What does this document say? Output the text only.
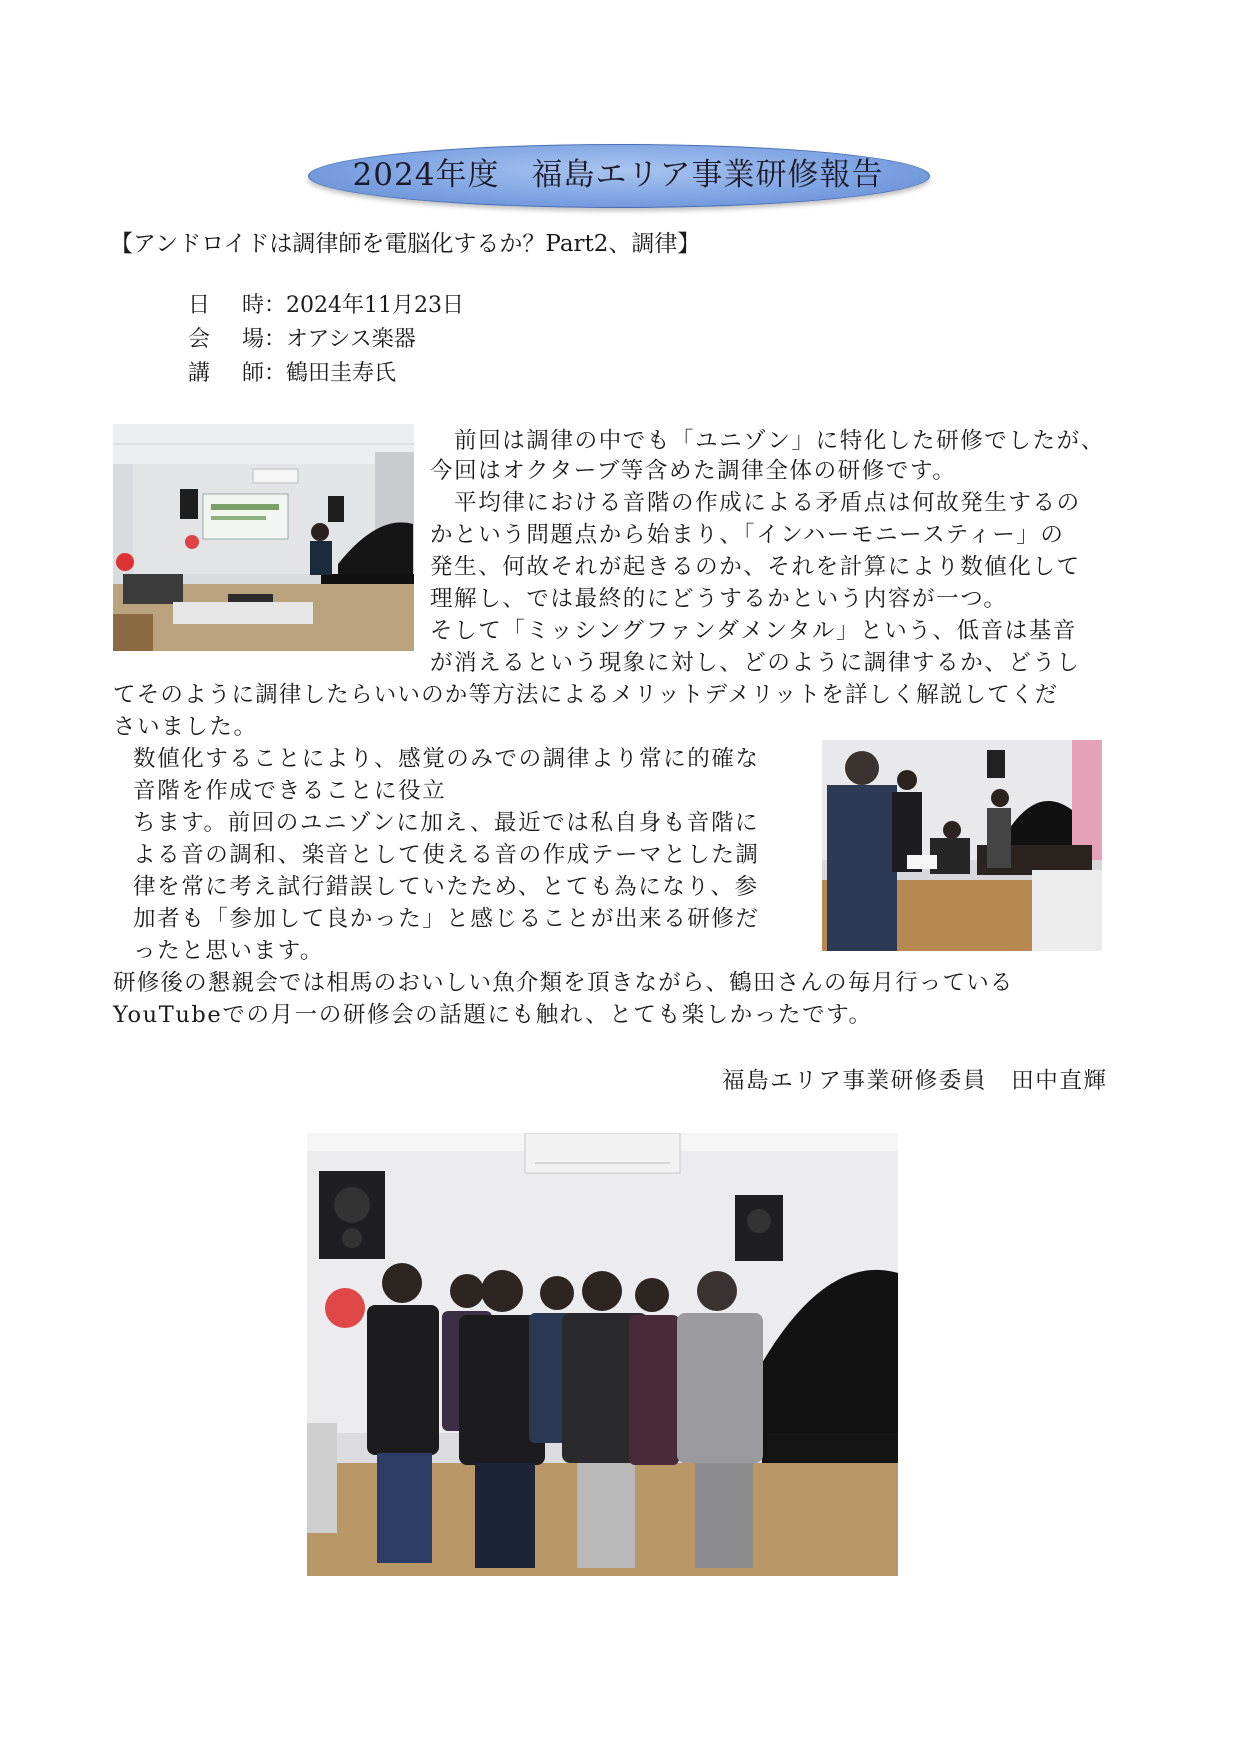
2024年度　福島エリア事業研修報告
【アンドロイドは調律師を電脳化するか？Part2、調律】
日　時：2024年11月23日
会　場：オアシス楽器
講　師：鶴田圭寿氏
　前回は調律の中でも「ユニゾン」に特化した研修でしたが、
今回はオクターブ等含めた調律全体の研修です。
　平均律における音階の作成による矛盾点は何故発生するの
かという問題点から始まり、「インハーモニースティー」の
発生、何故それが起きるのか、それを計算により数値化して
理解し、では最終的にどうするかという内容が一つ。
そして「ミッシングファンダメンタル」という、低音は基音
が消えるという現象に対し、どのように調律するか、どうし
てそのように調律したらいいのか等方法によるメリットデメリットを詳しく解説してくだ
さいました。
数値化することにより、感覚のみでの調律より常に的確な
音階を作成できることに役立
ちます。前回のユニゾンに加え、最近では私自身も音階に
よる音の調和、楽音として使える音の作成テーマとした調
律を常に考え試行錯誤していたため、とても為になり、参
加者も「参加して良かった」と感じることが出来る研修だ
ったと思います。
研修後の懇親会では相馬のおいしい魚介類を頂きながら、鶴田さんの毎月行っている
YouTubeでの月一の研修会の話題にも触れ、とても楽しかったです。
福島エリア事業研修委員　田中直輝
